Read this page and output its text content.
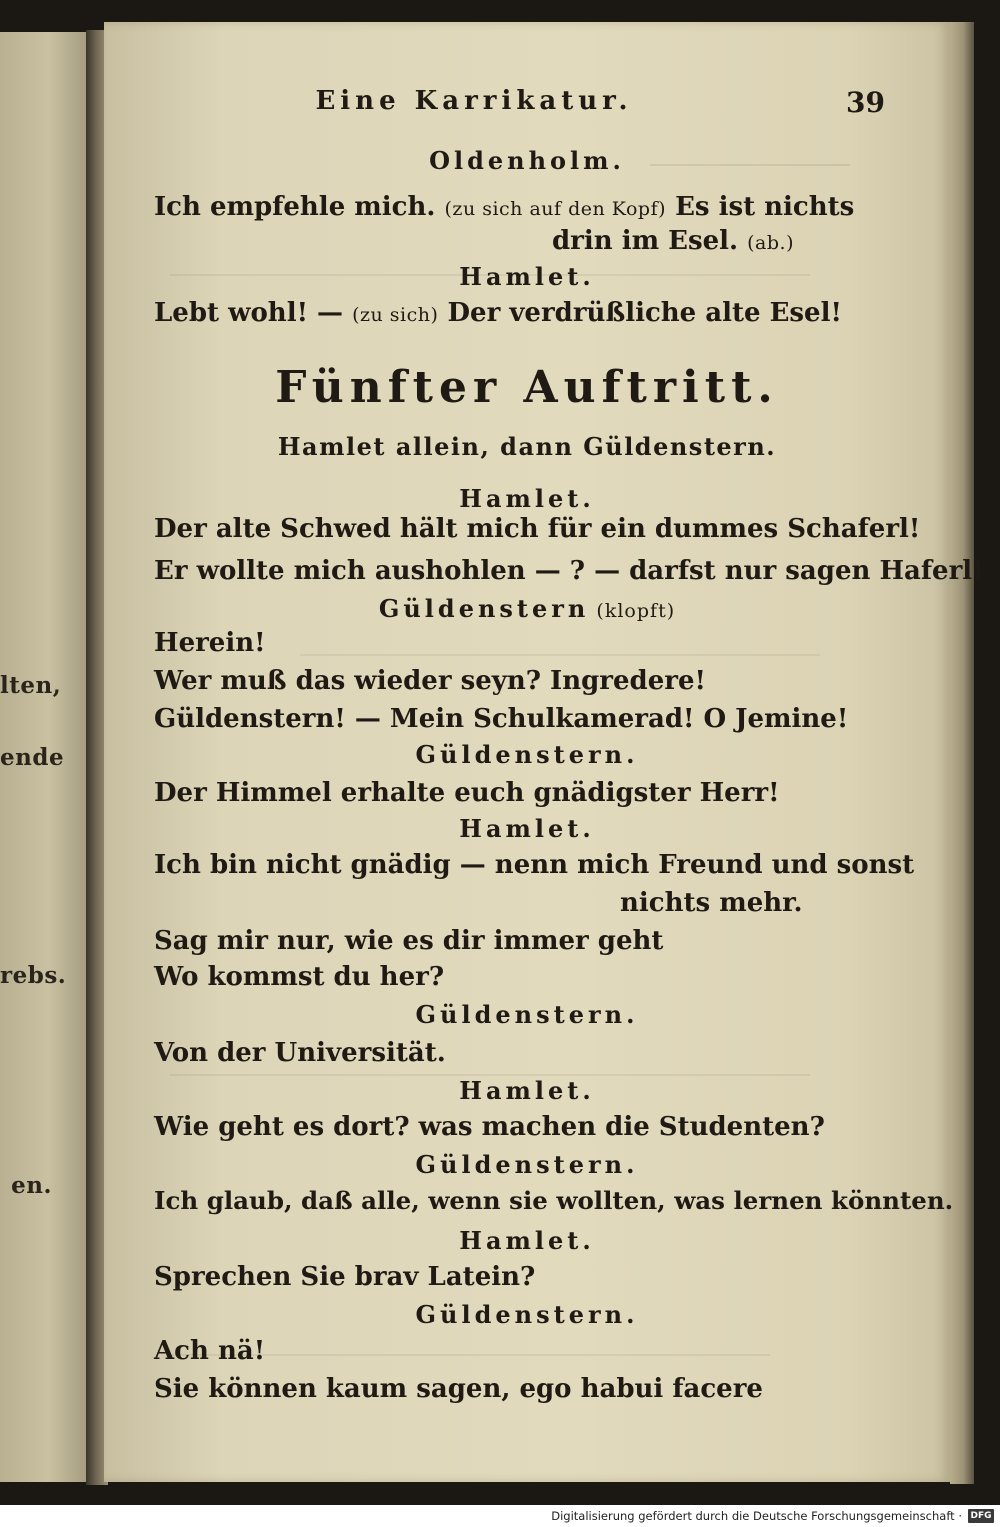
lten,
ende
rebs.
en.
Eine Karrikatur.	39
Oldenholm.
Ich empfehle mich. (zu sich auf den Kopf) Es ist nichts
drin im Esel. (ab.)
Hamlet.
Lebt wohl! — (zu sich) Der verdrüßliche alte Esel!
Fünfter Auftritt.
Hamlet allein, dann Güldenstern.
Hamlet.
Der alte Schwed hält mich für ein dummes Schaferl!
Er wollte mich aushohlen — ? — darfst nur sagen Haferl!
Güldenstern (klopft)
Herein!
Wer muß das wieder seyn? Ingredere!
Güldenstern! — Mein Schulkamerad! O Jemine!
Güldenstern.
Der Himmel erhalte euch gnädigster Herr!
Hamlet.
Ich bin nicht gnädig — nenn mich Freund und sonst
nichts mehr.
Sag mir nur, wie es dir immer geht
Wo kommst du her?
Güldenstern.
Von der Universität.
Hamlet.
Wie geht es dort? was machen die Studenten?
Güldenstern.
Ich glaub, daß alle, wenn sie wollten, was lernen könnten.
Hamlet.
Sprechen Sie brav Latein?
Güldenstern.
Ach nä!
Sie können kaum sagen, ego habui facere
Digitalisierung gefördert durch die Deutsche Forschungsgemeinschaft · DFG
